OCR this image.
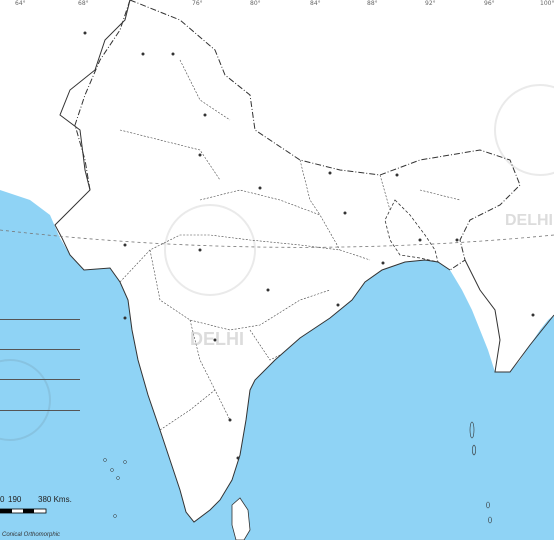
DELHI
DELHI
64°	68°	76°	80°	84°	88°	92°	96°	100°
0 190 380 Kms.
Conical Orthomorphic
